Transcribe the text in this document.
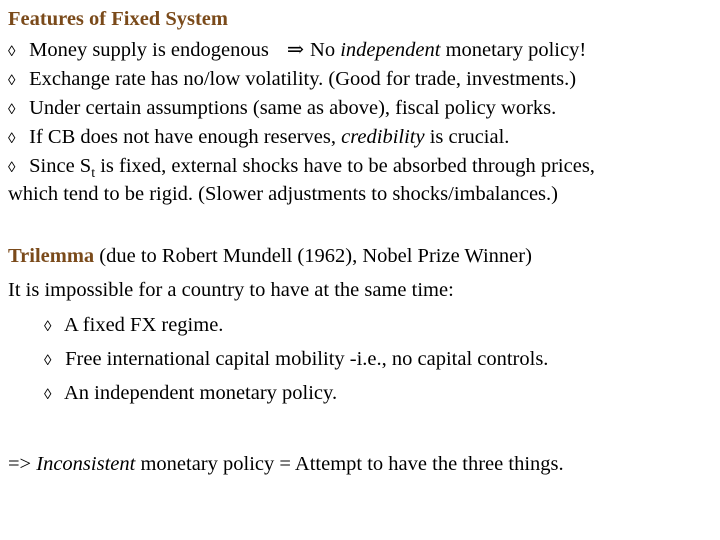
Features of Fixed System
◊ Money supply is endogenous ⇒ No independent monetary policy!
◊ Exchange rate has no/low volatility. (Good for trade, investments.)
◊ Under certain assumptions (same as above), fiscal policy works.
◊ If CB does not have enough reserves, credibility is crucial.
◊ Since $S_t$ is fixed, external shocks have to be absorbed through prices,
which tend to be rigid. (Slower adjustments to shocks/imbalances.)
Trilemma (due to Robert Mundell (1962), Nobel Prize Winner)
It is impossible for a country to have at the same time:
◊ A fixed FX regime.
◊ Free international capital mobility -i.e., no capital controls.
◊ An independent monetary policy.
=> Inconsistent monetary policy = Attempt to have the three things.
